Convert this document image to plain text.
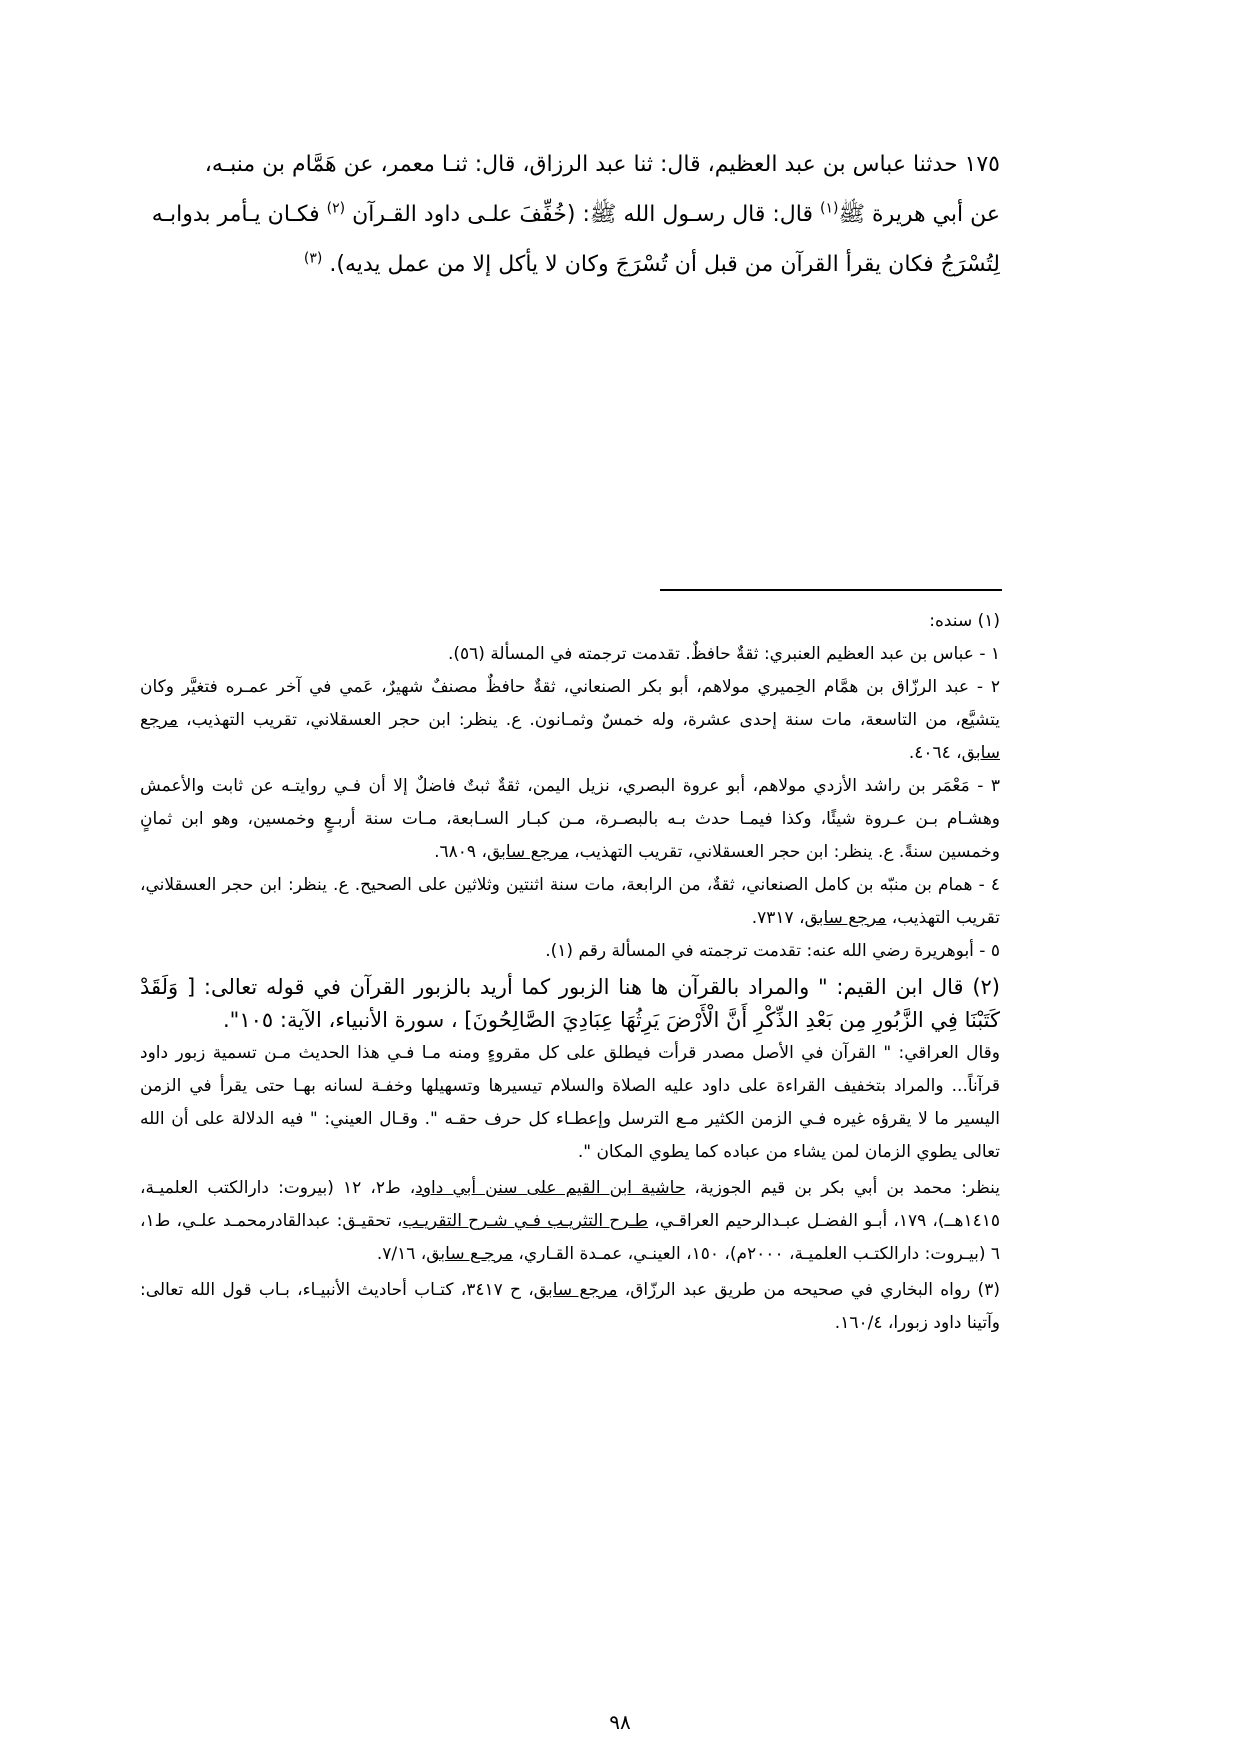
١٧٥ حدثنا عباس بن عبد العظيم، قال: ثنا عبد الرزاق، قال: ثنـا معمر، عن هَمَّام بن منبـه،

عن أبي هريرة ﷺ$^{(١)}$ قال: قال رسـول الله ﷺ: (خُفِّفَ علـى داود القـرآن $^{(٢)}$ فكـان يـأمر بدوابـه

لِتُسْرَجُ فكان يقرأ القرآن من قبل أن تُسْرَجَ وكان لا يأكل إلا من عمل يديه). $^{(٣)}$

(١) سنده:

١ - عباس بن عبد العظيم العنبري: ثقةٌ حافظٌ. تقدمت ترجمته في المسألة (٥٦).

٢ - عبد الرزّاق بن همَّام الحِميري مولاهم، أبو بكر الصنعاني، ثقةٌ حافظٌ مصنفٌ شهيرٌ، عَمي في آخر عمـره فتغيَّر وكان يتشيَّع، من التاسعة، مات سنة إحدى عشرة، وله خمسٌ وثمـانون. ع. ينظر: ابن حجر العسقلاني، تقريب التهذيب، مرجع سابق، ٤٠٦٤.

٣ - مَعْمَر بن راشد الأزدي مولاهم، أبو عروة البصري، نزيل اليمن، ثقةٌ ثبتٌ فاضلٌ إلا أن فـي روايتـه عن ثابت والأعمش وهشـام بـن عـروة شيئًا، وكذا فيمـا حدث بـه بالبصـرة، مـن كبـار السـابعة، مـات سنة أربـعٍ وخمسين، وهو ابن ثمانٍ وخمسين سنةً. ع. ينظر: ابن حجر العسقلاني، تقريب التهذيب، مرجع سابق، ٦٨٠٩.

٤ - همام بن منبّه بن كامل الصنعاني، ثقةٌ، من الرابعة، مات سنة اثنتين وثلاثين على الصحيح. ع. ينظر: ابن حجر العسقلاني، تقريب التهذيب، مرجع سابق، ٧٣١٧.

٥ - أبوهريرة رضي الله عنه: تقدمت ترجمته في المسألة رقم (١).

(٢) قال ابن القيم: " والمراد بالقرآن ها هنا الزبور كما أريد بالزبور القرآن في قوله تعالى: [ وَلَقَدْ كَتَبْنَا فِي الزَّبُورِ مِن بَعْدِ الذِّكْرِ أَنَّ الْأَرْضَ يَرِثُهَا عِبَادِيَ الصَّالِحُونَ] ، سورة الأنبياء، الآية: ١٠٥".

وقال العراقي: " القرآن في الأصل مصدر قرأت فيطلق على كل مقروءٍ ومنه مـا فـي هذا الحديث مـن تسمية زبور داود قرآناً... والمراد بتخفيف القراءة على داود عليه الصلاة والسلام تيسيرها وتسهيلها وخفـة لسانه بهـا حتى يقرأ في الزمن اليسير ما لا يقرؤه غيره فـي الزمن الكثير مـع الترسل وإعطـاء كل حرف حقـه ". وقـال العيني: " فيه الدلالة على أن الله تعالى يطوي الزمان لمن يشاء من عباده كما يطوي المكان ".

ينظر: محمد بن أبي بكر بن قيم الجوزية، حاشية ابن القيم على سنن أبي داود، ط٢، ١٢ (بيروت: دارالكتب العلميـة، ١٤١٥هــ)، ١٧٩، أبـو الفضـل عبـدالرحيم العراقـي، طـرح التثريـب فـي شـرح التقريـب، تحقيـق: عبدالقادرمحمـد علـي، ط١، ٦ (بيـروت: دارالكتـب العلميـة، ٢٠٠٠م)، ١٥٠، العينـي، عمـدة القـاري، مرجـع سابق، ٧/١٦.

(٣) رواه البخاري في صحيحه من طريق عبد الرزّاق، مرجع سابق، ح ٣٤١٧، كتـاب أحاديث الأنبيـاء، بـاب قول الله تعالى: وآتينا داود زبورا، ١٦٠/٤.

٩٨
